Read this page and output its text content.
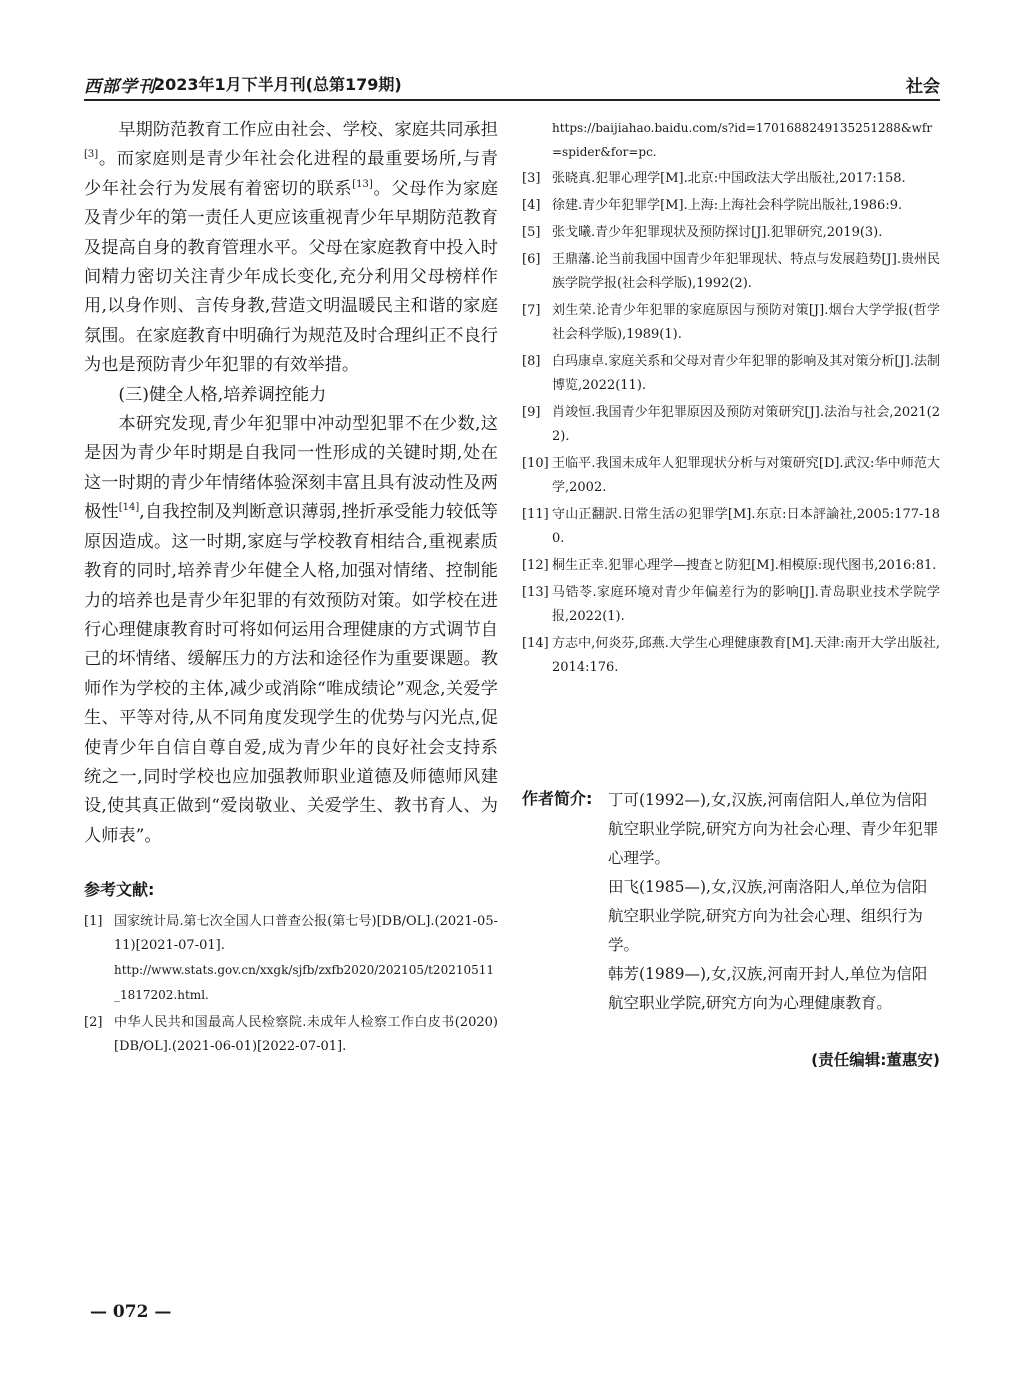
西部学刊
2023年1月下半月刊(总第179期)	社会

早期防范教育工作应由社会、学校、家庭共同承担[3]。而家庭则是青少年社会化进程的最重要场所,与青少年社会行为发展有着密切的联系[13]。父母作为家庭及青少年的第一责任人更应该重视青少年早期防范教育及提高自身的教育管理水平。父母在家庭教育中投入时间精力密切关注青少年成长变化,充分利用父母榜样作用,以身作则、言传身教,营造文明温暖民主和谐的家庭氛围。在家庭教育中明确行为规范及时合理纠正不良行为也是预防青少年犯罪的有效举措。

(三)健全人格,培养调控能力

本研究发现,青少年犯罪中冲动型犯罪不在少数,这是因为青少年时期是自我同一性形成的关键时期,处在这一时期的青少年情绪体验深刻丰富且具有波动性及两极性[14],自我控制及判断意识薄弱,挫折承受能力较低等原因造成。这一时期,家庭与学校教育相结合,重视素质教育的同时,培养青少年健全人格,加强对情绪、控制能力的培养也是青少年犯罪的有效预防对策。如学校在进行心理健康教育时可将如何运用合理健康的方式调节自己的坏情绪、缓解压力的方法和途径作为重要课题。教师作为学校的主体,减少或消除“唯成绩论”观念,关爱学生、平等对待,从不同角度发现学生的优势与闪光点,促使青少年自信自尊自爱,成为青少年的良好社会支持系统之一,同时学校也应加强教师职业道德及师德师风建设,使其真正做到“爱岗敬业、关爱学生、教书育人、为人师表”。

参考文献:
[1] 国家统计局.第七次全国人口普查公报(第七号)[DB/OL].(2021-05-11)[2021-07-01].
http://www.stats.gov.cn/xxgk/sjfb/zxfb2020/202105/t20210511_1817202.html.
[2] 中华人民共和国最高人民检察院.未成年人检察工作白皮书(2020)[DB/OL].(2021-06-01)[2022-07-01].
https://baijiahao.baidu.com/s?id=1701688249135251288&wfr=spider&for=pc.
[3] 张晓真.犯罪心理学[M].北京:中国政法大学出版社,2017:158.
[4] 徐建.青少年犯罪学[M].上海:上海社会科学院出版社,1986:9.
[5] 张戈曦.青少年犯罪现状及预防探讨[J].犯罪研究,2019(3).
[6] 王鼎藩.论当前我国中国青少年犯罪现状、特点与发展趋势[J].贵州民族学院学报(社会科学版),1992(2).
[7] 刘生荣.论青少年犯罪的家庭原因与预防对策[J].烟台大学学报(哲学社会科学版),1989(1).
[8] 白玛康卓.家庭关系和父母对青少年犯罪的影响及其对策分析[J].法制博览,2022(11).
[9] 肖竣恒.我国青少年犯罪原因及预防对策研究[J].法治与社会,2021(22).
[10] 王临平.我国未成年人犯罪现状分析与对策研究[D].武汉:华中师范大学,2002.
[11] 守山正翻訳.日常生活の犯罪学[M].东京:日本評論社,2005:177-180.
[12] 桐生正幸.犯罪心理学—捜査と防犯[M].相模原:现代图书,2016:81.
[13] 马锆苓.家庭环境对青少年偏差行为的影响[J].青岛职业技术学院学报,2022(1).
[14] 方志中,何炎芬,邱燕.大学生心理健康教育[M].天津:南开大学出版社,2014:176.
作者简介:	丁可(1992—),女,汉族,河南信阳人,单位为信阳航空职业学院,研究方向为社会心理、青少年犯罪心理学。

田飞(1985—),女,汉族,河南洛阳人,单位为信阳航空职业学院,研究方向为社会心理、组织行为学。

韩芳(1989—),女,汉族,河南开封人,单位为信阳航空职业学院,研究方向为心理健康教育。

(责任编辑:董惠安)
— 072 —
